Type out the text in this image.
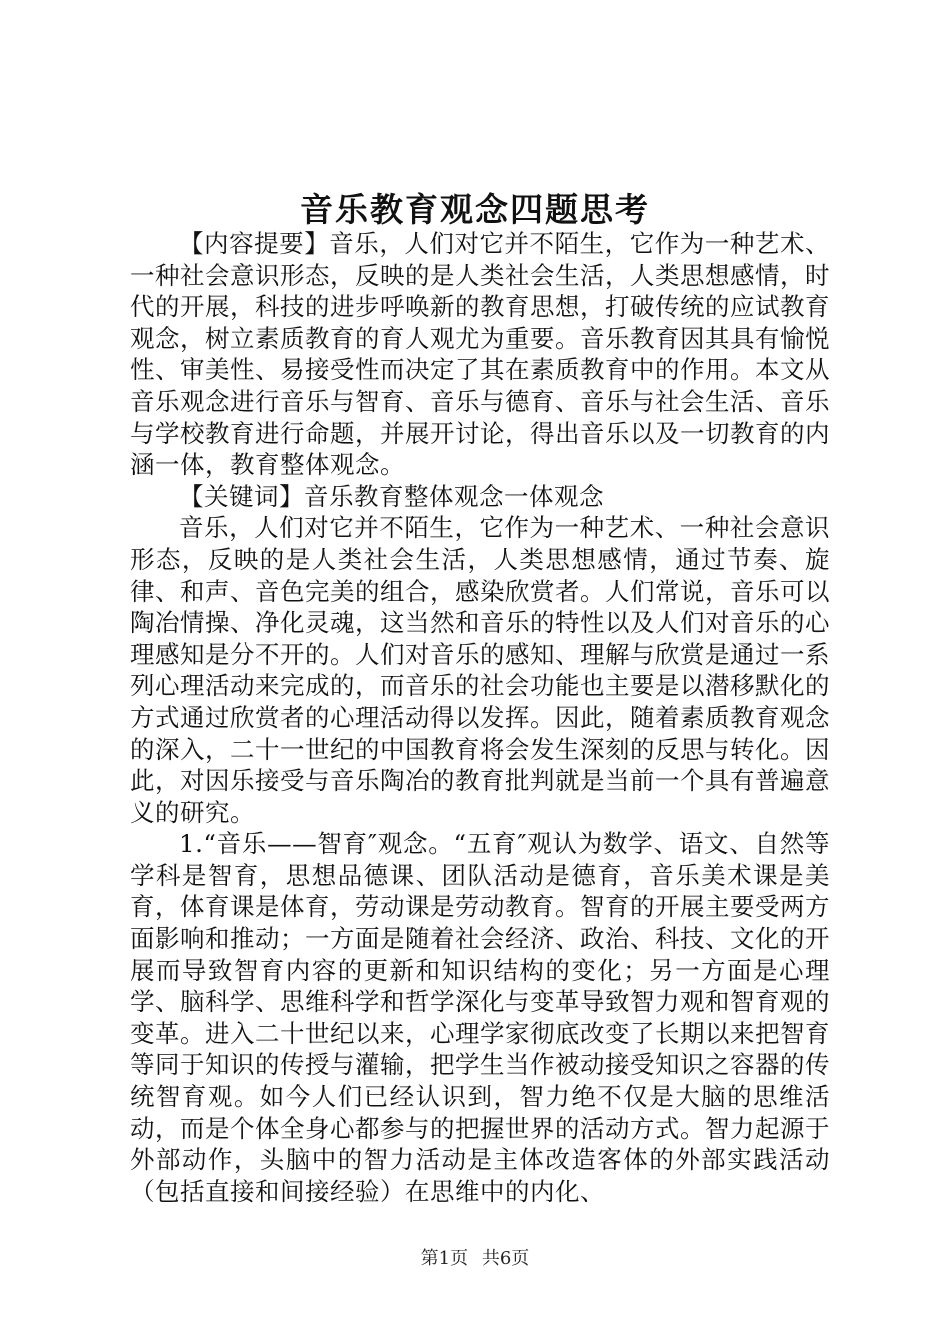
音乐教育观念四题思考

【内容提要】音乐，人们对它并不陌生，它作为一种艺术、一种社会意识形态，反映的是人类社会生活，人类思想感情，时代的开展，科技的进步呼唤新的教育思想，打破传统的应试教育观念，树立素质教育的育人观尤为重要。音乐教育因其具有愉悦性、审美性、易接受性而决定了其在素质教育中的作用。本文从音乐观念进行音乐与智育、音乐与德育、音乐与社会生活、音乐与学校教育进行命题，并展开讨论，得出音乐以及一切教育的内涵一体，教育整体观念。

【关键词】音乐教育整体观念一体观念

音乐，人们对它并不陌生，它作为一种艺术、一种社会意识形态，反映的是人类社会生活，人类思想感情，通过节奏、旋律、和声、音色完美的组合，感染欣赏者。人们常说，音乐可以陶冶情操、净化灵魂，这当然和音乐的特性以及人们对音乐的心理感知是分不开的。人们对音乐的感知、理解与欣赏是通过一系列心理活动来完成的，而音乐的社会功能也主要是以潜移默化的方式通过欣赏者的心理活动得以发挥。因此，随着素质教育观念的深入，二十一世纪的中国教育将会发生深刻的反思与转化。因此，对因乐接受与音乐陶冶的教育批判就是当前一个具有普遍意义的研究。

1.“音乐——智育″观念。“五育″观认为数学、语文、自然等学科是智育，思想品德课、团队活动是德育，音乐美术课是美育，体育课是体育，劳动课是劳动教育。智育的开展主要受两方面影响和推动；一方面是随着社会经济、政治、科技、文化的开展而导致智育内容的更新和知识结构的变化；另一方面是心理学、脑科学、思维科学和哲学深化与变革导致智力观和智育观的变革。进入二十世纪以来，心理学家彻底改变了长期以来把智育等同于知识的传授与灌输，把学生当作被动接受知识之容器的传统智育观。如今人们已经认识到，智力绝不仅是大脑的思维活动，而是个体全身心都参与的把握世界的活动方式。智力起源于外部动作，头脑中的智力活动是主体改造客体的外部实践活动（包括直接和间接经验）在思维中的内化、

第1页 共6页
